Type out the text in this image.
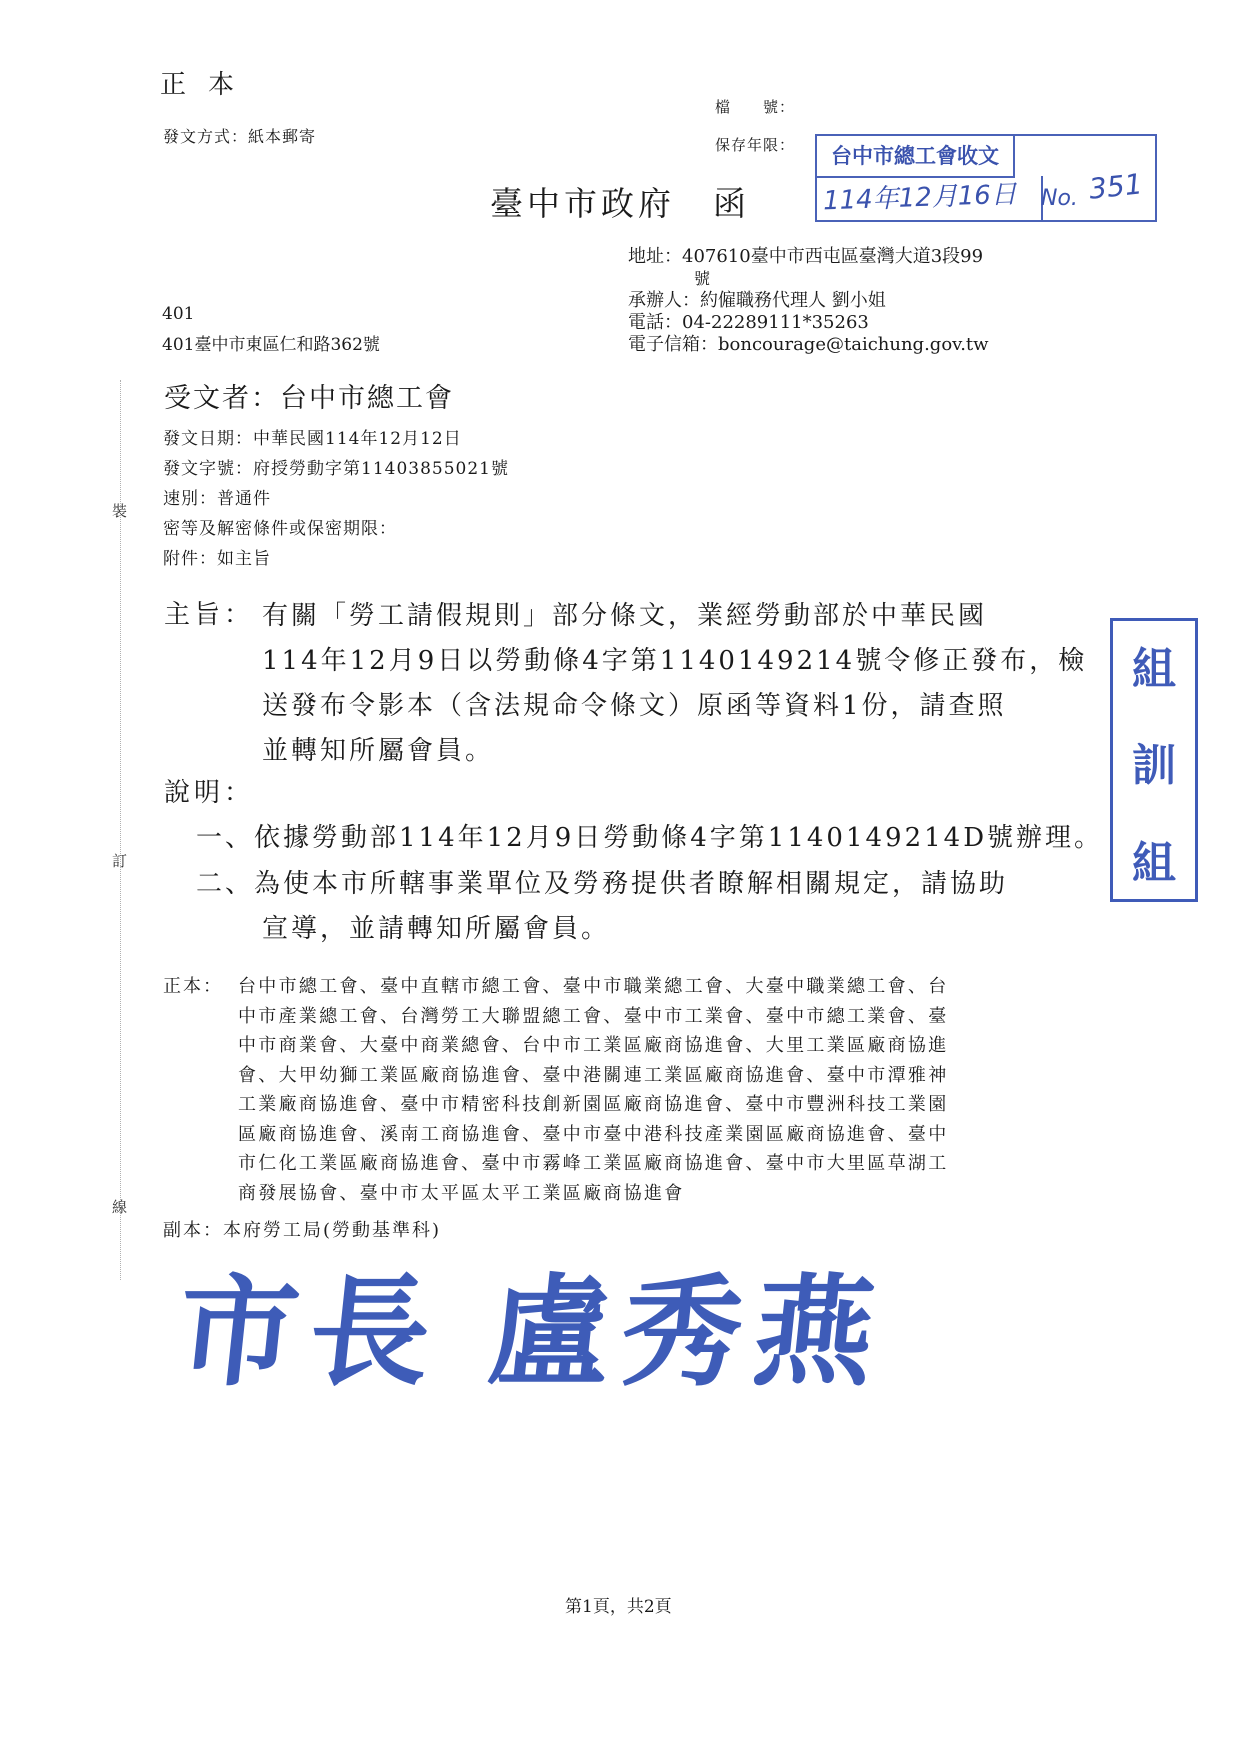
正本
發文方式：紙本郵寄
檔　　號：
保存年限：	台中市總工會收文
114年12月16日 No. 351
臺中市政府 函
地址：407610臺中市西屯區臺灣大道3段99
號
承辦人：約僱職務代理人 劉小姐
電話：04-22289111*35263
電子信箱：boncourage@taichung.gov.tw
401
401臺中市東區仁和路362號
受文者：台中市總工會
發文日期：中華民國114年12月12日
發文字號：府授勞動字第11403855021號
速別：普通件
密等及解密條件或保密期限：
附件：如主旨
主旨： 有關「勞工請假規則」部分條文，業經勞動部於中華民國
114年12月9日以勞動條4字第1140149214號令修正發布，檢
送發布令影本（含法規命令條文）原函等資料1份，請查照
並轉知所屬會員。
說明：
一、依據勞動部114年12月9日勞動條4字第1140149214D號辦理。
二、為使本市所轄事業單位及勞務提供者瞭解相關規定，請協助
宣導，並請轉知所屬會員。
組
訓
組
正本： 台中市總工會、臺中直轄市總工會、臺中市職業總工會、大臺中職業總工會、台
中市產業總工會、台灣勞工大聯盟總工會、臺中市工業會、臺中市總工業會、臺
中市商業會、大臺中商業總會、台中市工業區廠商協進會、大里工業區廠商協進
會、大甲幼獅工業區廠商協進會、臺中港關連工業區廠商協進會、臺中市潭雅神
工業廠商協進會、臺中市精密科技創新園區廠商協進會、臺中市豐洲科技工業園
區廠商協進會、溪南工商協進會、臺中市臺中港科技產業園區廠商協進會、臺中
市仁化工業區廠商協進會、臺中市霧峰工業區廠商協進會、臺中市大里區草湖工
商發展協會、臺中市太平區太平工業區廠商協進會
副本：本府勞工局(勞動基準科)
市長 盧秀燕
第1頁，共2頁
裝
訂
線
